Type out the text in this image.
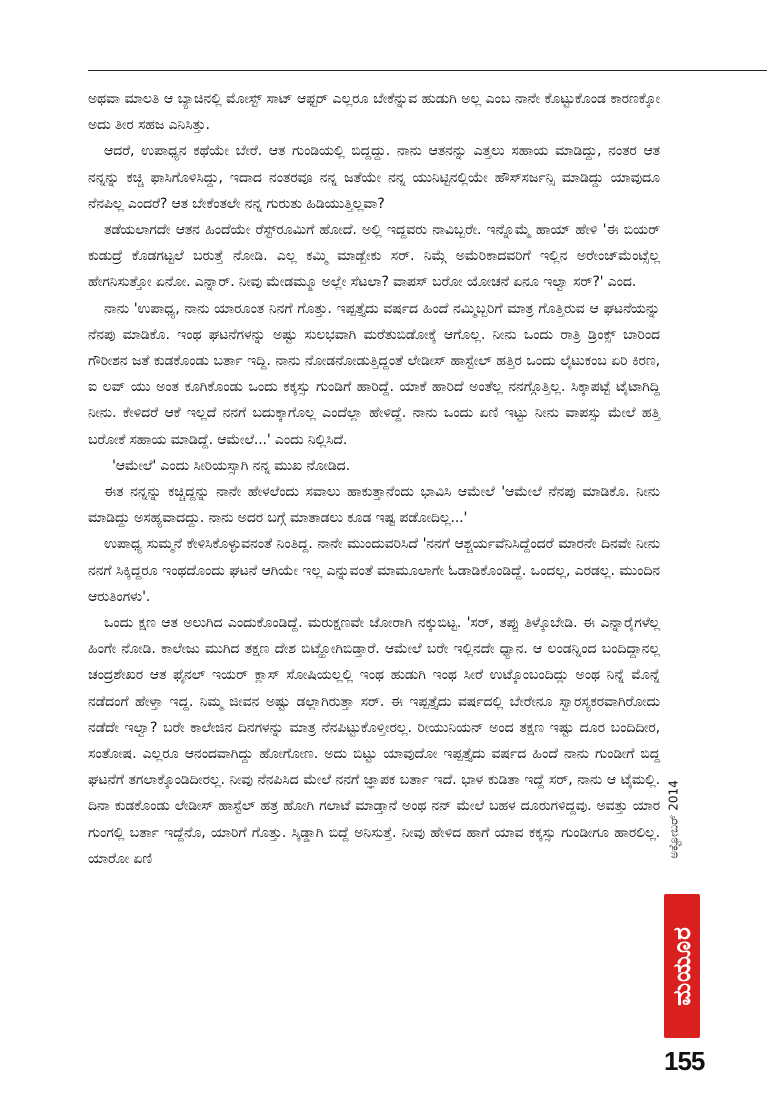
ಅಥವಾ ಮಾಲತಿ ಆ ಬ್ಯಾಚಿನಲ್ಲಿ ಮೋಸ್ಟ್ ಸಾಟ್ ಆಫ್ಟರ್ ಎಲ್ಲರೂ ಬೇಕೆನ್ನುವ ಹುಡುಗಿ ಅಲ್ಲ ಎಂಬ ನಾನೇ ಕೊಟ್ಟುಕೊಂಡ ಕಾರಣಕ್ಕೋ ಅದು ತೀರ ಸಹಜ ಎನಿಸಿತ್ತು.

ಆದರೆ, ಉಪಾಧ್ಯನ ಕಥೆಯೇ ಬೇರೆ. ಆತ ಗುಂಡಿಯಲ್ಲಿ ಬಿದ್ದದ್ದು. ನಾನು ಆತನನ್ನು ಎತ್ತಲು ಸಹಾಯ ಮಾಡಿದ್ದು, ನಂತರ ಆತ ನನ್ನನ್ನು ಕಚ್ಚಿ ಫಾಸಿಗೊಳಿಸಿದ್ದು, ಇದಾದ ನಂತರವೂ ನನ್ನ ಜತೆಯೇ ನನ್ನ ಯುನಿಟ್ಟಿನಲ್ಲಿಯೇ ಹೌಸ್‌ಸರ್ಜನ್ಸಿ ಮಾಡಿದ್ದು ಯಾವುದೂ ನೆನಪಿಲ್ಲ ಎಂದರೆ? ಆತ ಬೇಕೆಂತಲೇ ನನ್ನ ಗುರುತು ಹಿಡಿಯುತ್ತಿಲ್ಲವಾ?

ತಡೆಯಲಾಗದೇ ಆತನ ಹಿಂದೆಯೇ ರೆಸ್ಟ್‌ರೂಮಿಗೆ ಹೋದೆ. ಅಲ್ಲಿ ಇದ್ದವರು ನಾವಿಬ್ಬರೇ. ಇನ್ನೊಮ್ಮೆ ಹಾಯ್ ಹೇಳಿ 'ಈ ಬಿಯರ್ ಕುಡುದ್ರೆ ಕೊಡಗಟ್ಟಲೆ ಬರುತ್ತೆ ನೋಡಿ. ಎಲ್ಲ ಕಮ್ಮಿ ಮಾಡ್ಬೇಕು ಸರ್. ನಿಮ್ಗೆ ಅಮೆರಿಕಾದವರಿಗೆ ಇಲ್ಲಿನ ಅರೇಂಜ್‌ಮೆಂಟ್ಸೆಲ್ಲ ಹೇಗನಿಸುತ್ತೋ ಏನೋ. ಎನ್ನಾರ್. ನೀವು ಮೇಡಮ್ಮೂ ಅಲ್ಲೇ ಸೆಟಲಾ? ವಾಪಸ್ ಬರೋ ಯೋಚನೆ ಏನೂ ಇಲ್ವಾ ಸರ್?' ಎಂದ.

ನಾನು 'ಉಪಾಧ್ಯ, ನಾನು ಯಾರೂಂತ ನಿನಗೆ ಗೊತ್ತು. ಇಪ್ಪತ್ತೈದು ವರ್ಷದ ಹಿಂದೆ ನಮ್ಮಿಬ್ಬರಿಗೆ ಮಾತ್ರ ಗೊತ್ತಿರುವ ಆ ಘಟನೆಯನ್ನು ನೆನಪು ಮಾಡಿಕೊ. ಇಂಥ ಘಟನೆಗಳನ್ನು ಅಷ್ಟು ಸುಲಭವಾಗಿ ಮರೆತುಬಿಡೋಕ್ಕೆ ಆಗೊಲ್ಲ. ನೀನು ಒಂದು ರಾತ್ರಿ ಡ್ರಿಂಕ್ಸ್ ಬಾರಿಂದ ಗೌರೀಶನ ಜತೆ ಕುಡಕೊಂಡು ಬರ್ತಾ ಇದ್ದಿ. ನಾನು ನೋಡನೋಡುತ್ತಿದ್ದಂತೆ ಲೇಡೀಸ್ ಹಾಸ್ಟೇಲ್ ಹತ್ತಿರ ಒಂದು ಲೈಟುಕಂಬ ಏರಿ ಕಿರಣ, ಐ ಲವ್ ಯು ಅಂತ ಕೂಗಿಕೊಂಡು ಒಂದು ಕಕ್ಕಸ್ಸು ಗುಂಡಿಗೆ ಹಾರಿದ್ದೆ. ಯಾಕೆ ಹಾರಿದೆ ಅಂತೆಲ್ಲ ನನಗ್ಗೊತ್ತಿಲ್ಲ. ಸಿಕ್ಕಾಪಟ್ಟೆ ಟೈಟಾಗಿದ್ದಿ ನೀನು. ಕೇಳಿದರೆ ಆಕೆ ಇಲ್ಲದೆ ನನಗೆ ಬದುಕ್ಕಾಗೊಲ್ಲ ಎಂದೆಲ್ಲಾ ಹೇಳಿದ್ದೆ. ನಾನು ಒಂದು ಏಣಿ ಇಟ್ಟು ನೀನು ವಾಪಸ್ಸು ಮೇಲೆ ಹತ್ತಿ ಬರೋಕೆ ಸಹಾಯ ಮಾಡಿದ್ದೆ. ಆಮೇಲೆ...' ಎಂದು ನಿಲ್ಲಿಸಿದೆ.

'ಆಮೇಲೆ' ಎಂದು ಸೀರಿಯಸ್ಸಾಗಿ ನನ್ನ ಮುಖ ನೋಡಿದ.

ಈತ ನನ್ನನ್ನು ಕಚ್ಚಿದ್ದನ್ನು ನಾನೇ ಹೇಳಲೆಂದು ಸವಾಲು ಹಾಕುತ್ತಾನೆಂದು ಭಾವಿಸಿ ಆಮೇಲೆ 'ಆಮೇಲೆ ನೆನಪು ಮಾಡಿಕೊ. ನೀನು ಮಾಡಿದ್ದು ಅಸಹ್ಯವಾದದ್ದು. ನಾನು ಅದರ ಬಗ್ಗೆ ಮಾತಾಡಲು ಕೂಡ ಇಷ್ಟ ಪಡೋದಿಲ್ಲ...'

ಉಪಾಧ್ಯ ಸುಮ್ಮನೆ ಕೇಳಿಸಿಕೊಳ್ಳುವನಂತೆ ನಿಂತಿದ್ದ. ನಾನೇ ಮುಂದುವರಿಸಿದೆ 'ನನಗೆ ಆಶ್ಚರ್ಯವೆನಿಸಿದ್ದೆಂದರೆ ಮಾರನೇ ದಿನವೇ ನೀನು ನನಗೆ ಸಿಕ್ಕಿದ್ದರೂ ಇಂಥದೊಂದು ಘಟನೆ ಆಗಿಯೇ ಇಲ್ಲ ಎನ್ನುವಂತೆ ಮಾಮೂಲಾಗೇ ಓಡಾಡಿಕೊಂಡಿದ್ದೆ. ಒಂದಲ್ಲ, ಎರಡಲ್ಲ. ಮುಂದಿನ ಆರುತಿಂಗಳು'.

ಒಂದು ಕ್ಷಣ ಆತ ಅಲುಗಿದ ಎಂದುಕೊಂಡಿದ್ದೆ. ಮರುಕ್ಷಣವೇ ಜೋರಾಗಿ ನಕ್ಕುಬಿಟ್ಟ. 'ಸರ್, ತಪ್ಪು ತಿಳ್ಕೊಬೇಡಿ. ಈ ಎನ್ನಾರೈಗಳೆಲ್ಲ ಹಿಂಗೇ ನೋಡಿ. ಕಾಲೇಜು ಮುಗಿದ ತಕ್ಷಣ ದೇಶ ಬಿಟ್ಹೋಗಿಬಿಡ್ತಾರೆ. ಆಮೇಲೆ ಬರೇ ಇಲ್ಲಿನದೇ ಧ್ಯಾನ. ಆ ಲಂಡನ್ನಿಂದ ಬಂದಿದ್ದಾನಲ್ಲ ಚಂದ್ರಶೇಖರ ಆತ ಫೈನಲ್ ಇಯರ್ ಕ್ಲಾಸ್ ಸೋಷಿಯಲ್ಲಲ್ಲಿ ಇಂಥ ಹುಡುಗಿ ಇಂಥ ಸೀರೆ ಉಟ್ಕೊಂಬಂದಿದ್ಲು ಅಂಥ ನಿನ್ನೆ ಮೊನ್ನೆ ನಡೆದಂಗೆ ಹೇಳ್ತಾ ಇದ್ದ. ನಿಮ್ಮ ಜೀವನ ಅಷ್ಟು ಡಲ್ಲಾಗಿರುತ್ತಾ ಸರ್. ಈ ಇಪ್ಪತ್ತೈದು ವರ್ಷದಲ್ಲಿ ಬೇರೇನೂ ಸ್ವಾರಸ್ಯಕರವಾಗಿರೋದು ನಡೆದೇ ಇಲ್ವಾ? ಬರೇ ಕಾಲೇಜಿನ ದಿನಗಳನ್ನು ಮಾತ್ರ ನೆನಪಿಟ್ಟುಕೊಳ್ತೀರಲ್ಲ. ರೀಯುನಿಯನ್ ಅಂದ ತಕ್ಷಣ ಇಷ್ಟು ದೂರ ಬಂದಿದೀರ, ಸಂತೋಷ. ಎಲ್ಲರೂ ಆನಂದವಾಗಿದ್ದು ಹೋಗೋಣ. ಅದು ಬಿಟ್ಟು ಯಾವುದೋ ಇಪ್ಪತ್ತೈದು ವರ್ಷದ ಹಿಂದೆ ನಾನು ಗುಂಡೀಗೆ ಬಿದ್ದ ಘಟನೆಗೆ ತಗಲಾಕ್ಕೊಂಡಿದೀರಲ್ಲ. ನೀವು ನೆನಪಿಸಿದ ಮೇಲೆ ನನಗೆ ಜ್ಞಾಪಕ ಬರ್ತಾ ಇದೆ. ಭಾಳ ಕುಡಿತಾ ಇದ್ದೆ ಸರ್, ನಾನು ಆ ಟೈಮಲ್ಲಿ. ದಿನಾ ಕುಡಕೊಂಡು ಲೇಡೀಸ್ ಹಾಸ್ಟೆಲ್ ಹತ್ರ ಹೋಗಿ ಗಲಾಟೆ ಮಾಡ್ತಾನೆ ಅಂಥ ನನ್ ಮೇಲೆ ಬಹಳ ದೂರುಗಳಿದ್ದವು. ಅವತ್ತು ಯಾರ ಗುಂಗಲ್ಲಿ ಬರ್ತಾ ಇದ್ದೆನೊ, ಯಾರಿಗೆ ಗೊತ್ತು. ಸ್ಕಿಡ್ಡಾಗಿ ಬಿದ್ದೆ ಅನಿಸುತ್ತೆ. ನೀವು ಹೇಳಿದ ಹಾಗೆ ಯಾವ ಕಕ್ಕಸ್ಸು ಗುಂಡೀಗೂ ಹಾರಲಿಲ್ಲ. ಯಾರೋ ಏಣಿ

ಅಕ್ಟೋಬರ್ 2014
ಮಯೂರ
155
